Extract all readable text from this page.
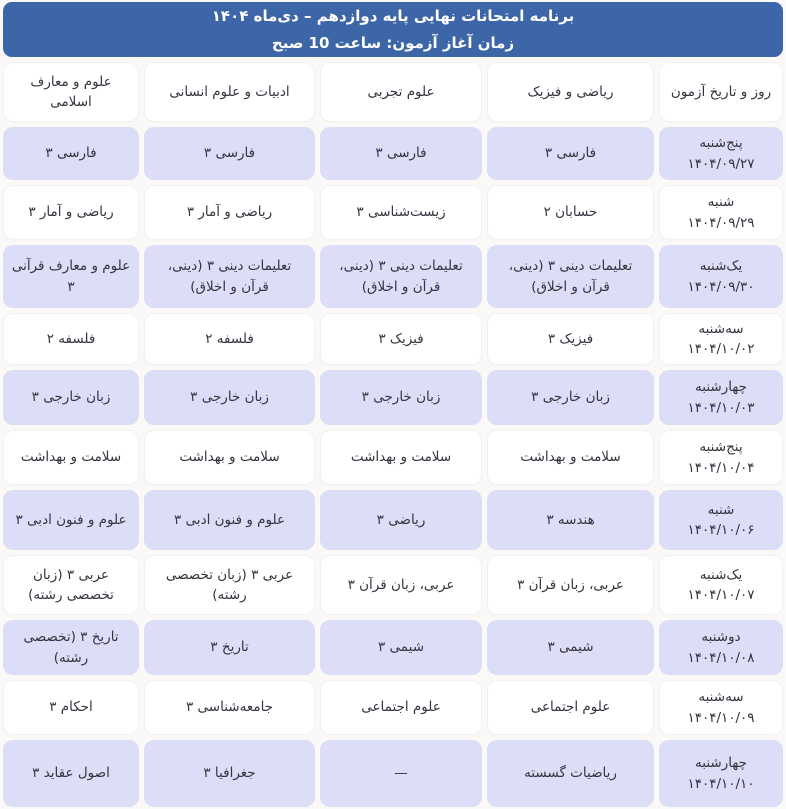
برنامه امتحانات نهایی پایه دوازدهم – دی‌ماه ۱۴۰۴
زمان آغاز آزمون: ساعت 10 صبح
روز و تاریخ آزمون
ریاضی و فیزیک
علوم تجربی
ادبیات و علوم انسانی
علوم و معارف اسلامی
پنج‌شنبه
۱۴۰۴/۰۹/۲۷
فارسی ۳
فارسی ۳
فارسی ۳
فارسی ۳
شنبه
۱۴۰۴/۰۹/۲۹
حسابان ۲
زیست‌شناسی ۳
ریاضی و آمار ۳
ریاضی و آمار ۳
یک‌شنبه
۱۴۰۴/۰۹/۳۰
تعلیمات دینی ۳ (دینی، قرآن و اخلاق)
تعلیمات دینی ۳ (دینی، قرآن و اخلاق)
تعلیمات دینی ۳ (دینی، قرآن و اخلاق)
علوم و معارف قرآنی ۳
سه‌شنبه
۱۴۰۴/۱۰/۰۲
فیزیک ۳
فیزیک ۳
فلسفه ۲
فلسفه ۲
چهارشنبه
۱۴۰۴/۱۰/۰۳
زبان خارجی ۳
زبان خارجی ۳
زبان خارجی ۳
زبان خارجی ۳
پنج‌شنبه
۱۴۰۴/۱۰/۰۴
سلامت و بهداشت
سلامت و بهداشت
سلامت و بهداشت
سلامت و بهداشت
شنبه
۱۴۰۴/۱۰/۰۶
هندسه ۳
ریاضی ۳
علوم و فنون ادبی ۳
علوم و فنون ادبی ۳
یک‌شنبه
۱۴۰۴/۱۰/۰۷
عربی، زبان قرآن ۳
عربی، زبان قرآن ۳
عربی ۳ (زبان تخصصی رشته)
عربی ۳ (زبان تخصصی رشته)
دوشنبه
۱۴۰۴/۱۰/۰۸
شیمی ۳
شیمی ۳
تاریخ ۳
تاریخ ۳ (تخصصی رشته)
سه‌شنبه
۱۴۰۴/۱۰/۰۹
علوم اجتماعی
علوم اجتماعی
جامعه‌شناسی ۳
احکام ۳
چهارشنبه
۱۴۰۴/۱۰/۱۰
ریاضیات گسسته
—
جغرافیا ۳
اصول عقاید ۳
